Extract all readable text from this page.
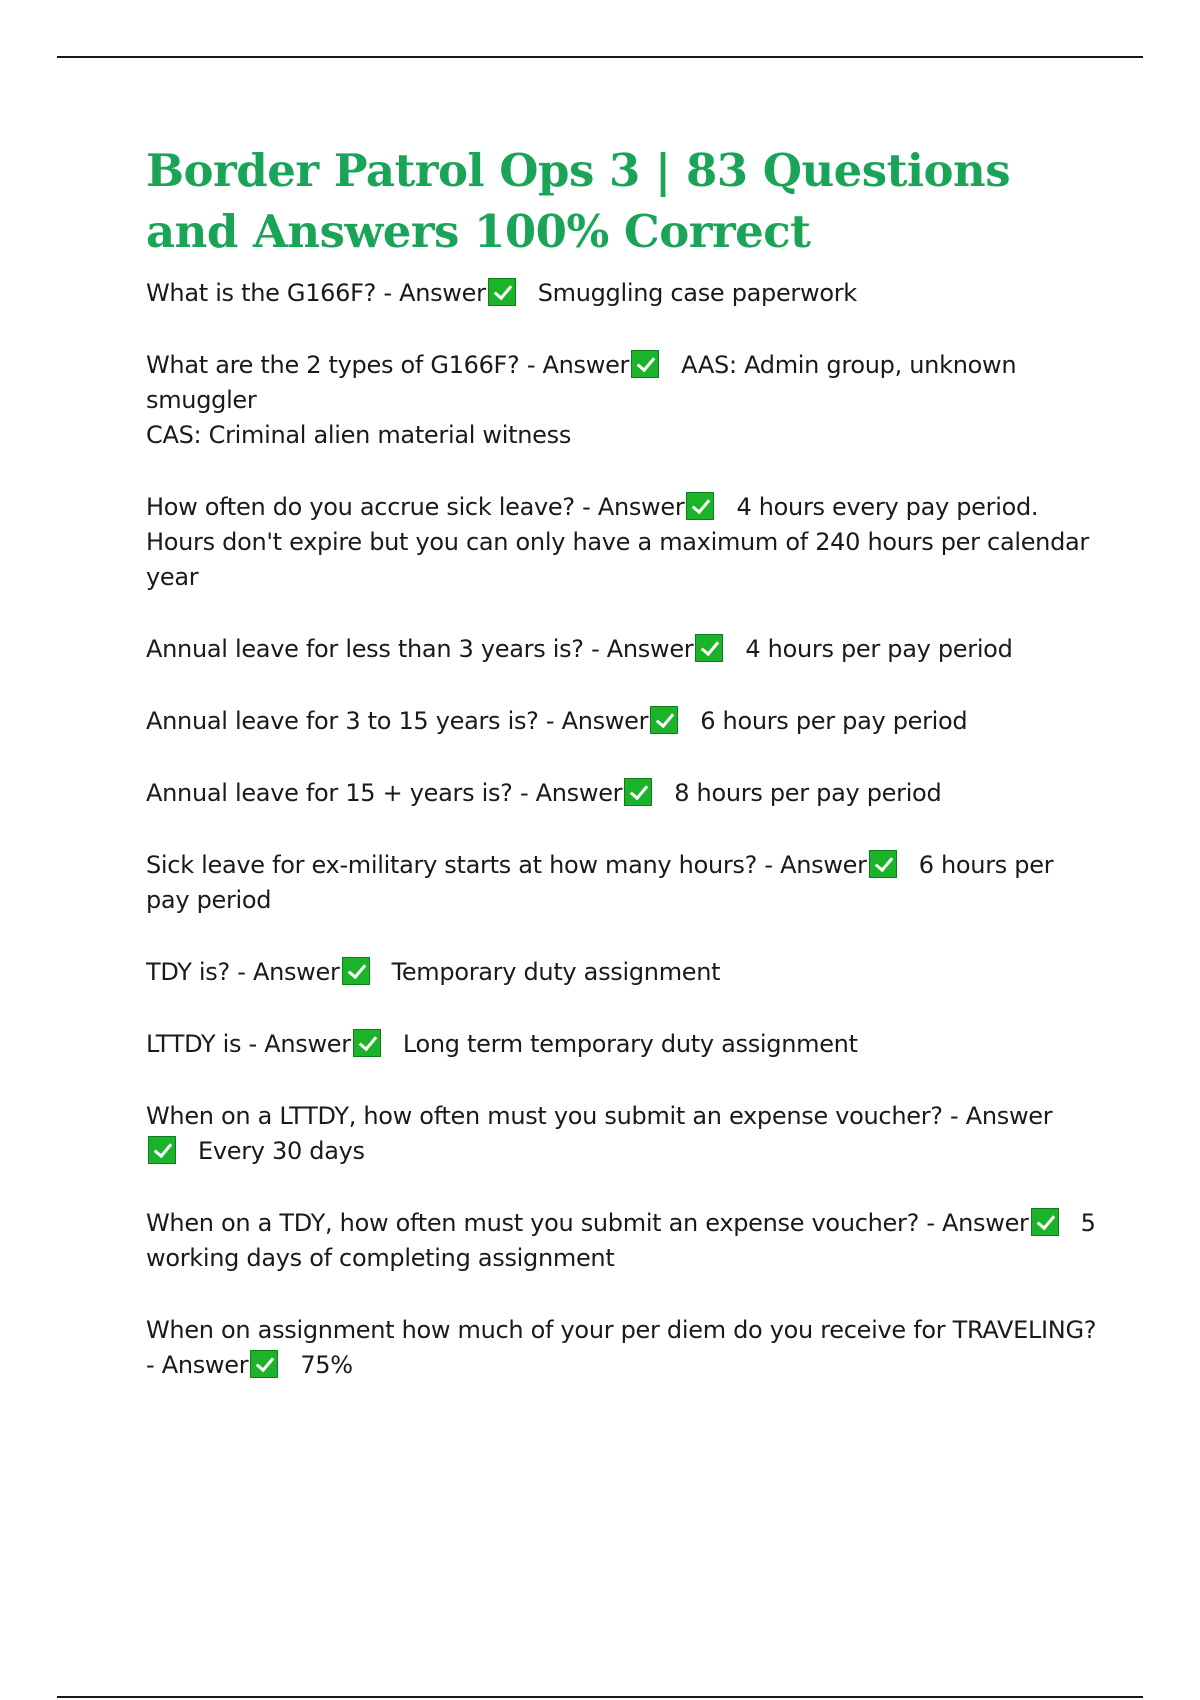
Border Patrol Ops 3 | 83 Questions and Answers 100% Correct

What is the G166F? - Answer Smuggling case paperwork

What are the 2 types of G166F? - Answer AAS: Admin group, unknown smuggler
CAS: Criminal alien material witness

How often do you accrue sick leave? - Answer 4 hours every pay period. Hours don't expire but you can only have a maximum of 240 hours per calendar year

Annual leave for less than 3 years is? - Answer 4 hours per pay period

Annual leave for 3 to 15 years is? - Answer 6 hours per pay period

Annual leave for 15 + years is? - Answer 8 hours per pay period

Sick leave for ex-military starts at how many hours? - Answer 6 hours per pay period

TDY is? - Answer Temporary duty assignment

LTTDY is - Answer Long term temporary duty assignment

When on a LTTDY, how often must you submit an expense voucher? - AnswerEvery 30 days

When on a TDY, how often must you submit an expense voucher? - Answer 5 working days of completing assignment

When on assignment how much of your per diem do you receive for TRAVELING? - Answer 75%
